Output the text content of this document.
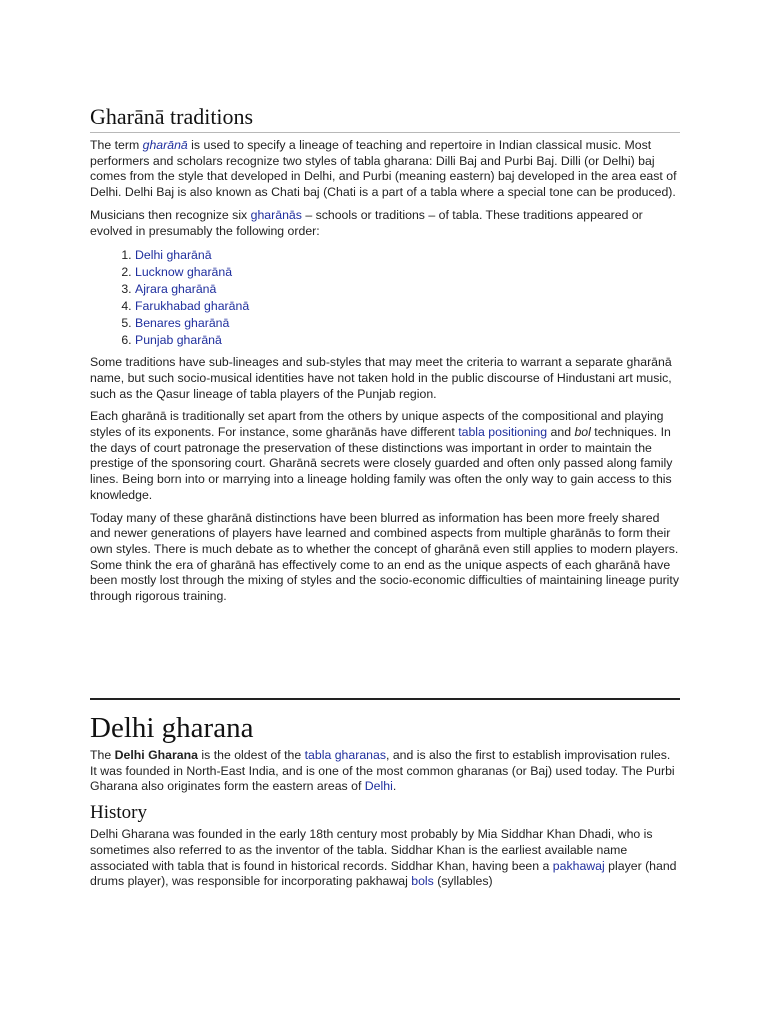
Gharānā traditions

The term gharānā is used to specify a lineage of teaching and repertoire in Indian classical music. Most performers and scholars recognize two styles of tabla gharana: Dilli Baj and Purbi Baj. Dilli (or Delhi) baj comes from the style that developed in Delhi, and Purbi (meaning eastern) baj developed in the area east of Delhi. Delhi Baj is also known as Chati baj (Chati is a part of a tabla where a special tone can be produced).

Musicians then recognize six gharānās – schools or traditions – of tabla. These traditions appeared or evolved in presumably the following order:

1. Delhi gharānā
2. Lucknow gharānā
3. Ajrara gharānā
4. Farukhabad gharānā
5. Benares gharānā
6. Punjab gharānā

Some traditions have sub-lineages and sub-styles that may meet the criteria to warrant a separate gharānā name, but such socio-musical identities have not taken hold in the public discourse of Hindustani art music, such as the Qasur lineage of tabla players of the Punjab region.

Each gharānā is traditionally set apart from the others by unique aspects of the compositional and playing styles of its exponents. For instance, some gharānās have different tabla positioning and bol techniques. In the days of court patronage the preservation of these distinctions was important in order to maintain the prestige of the sponsoring court. Gharānā secrets were closely guarded and often only passed along family lines. Being born into or marrying into a lineage holding family was often the only way to gain access to this knowledge.

Today many of these gharānā distinctions have been blurred as information has been more freely shared and newer generations of players have learned and combined aspects from multiple gharānās to form their own styles. There is much debate as to whether the concept of gharānā even still applies to modern players. Some think the era of gharānā has effectively come to an end as the unique aspects of each gharānā have been mostly lost through the mixing of styles and the socio-economic difficulties of maintaining lineage purity through rigorous training.

Delhi gharana

The Delhi Gharana is the oldest of the tabla gharanas, and is also the first to establish improvisation rules. It was founded in North-East India, and is one of the most common gharanas (or Baj) used today. The Purbi Gharana also originates form the eastern areas of Delhi.

History

Delhi Gharana was founded in the early 18th century most probably by Mia Siddhar Khan Dhadi, who is sometimes also referred to as the inventor of the tabla. Siddhar Khan is the earliest available name associated with tabla that is found in historical records. Siddhar Khan, having been a pakhawaj player (hand drums player), was responsible for incorporating pakhawaj bols (syllables)
